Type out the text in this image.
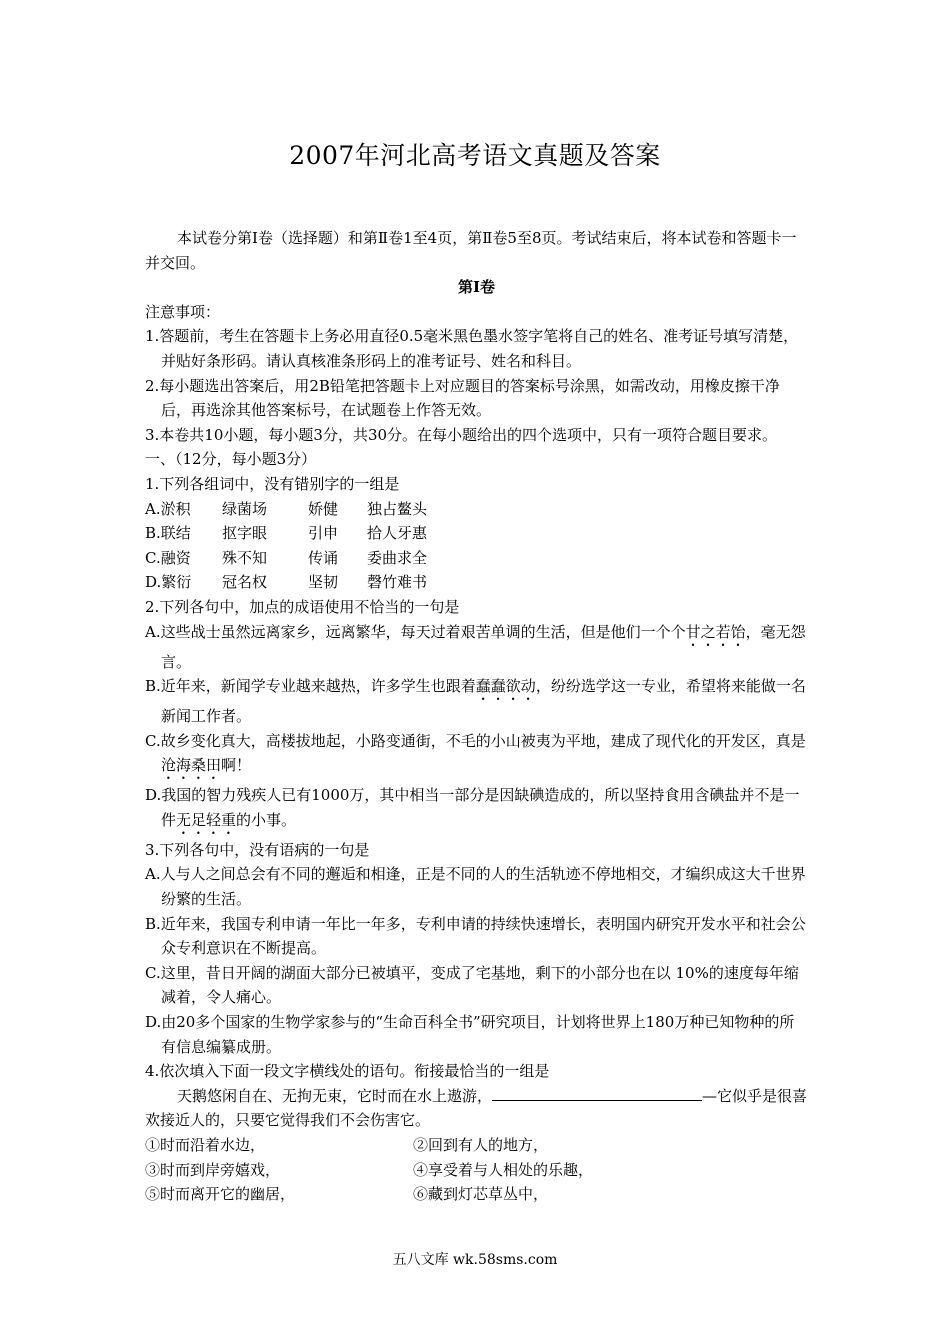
2007年河北高考语文真题及答案

本试卷分第Ⅰ卷（选择题）和第Ⅱ卷1至4页，第Ⅱ卷5至8页。考试结束后，将本试卷和答题卡一并交回。

第Ⅰ卷

注意事项：

1.答题前，考生在答题卡上务必用直径0.5毫米黑色墨水签字笔将自己的姓名、准考证号填写清楚，并贴好条形码。请认真核准条形码上的准考证号、姓名和科目。

2.每小题选出答案后，用2B铅笔把答题卡上对应题目的答案标号涂黑，如需改动，用橡皮擦干净后，再选涂其他答案标号，在试题卷上作答无效。

3.本卷共10小题，每小题3分，共30分。在每小题给出的四个选项中，只有一项符合题目要求。

一、（12分，每小题3分）

1.下列各组词中，没有错别字的一组是

A.淤积 绿菌场	娇健 独占鳌头

B.联结 抠字眼	引申 拾人牙惠

C.融资 殊不知	传诵 委曲求全

D.繁衍 冠名权	坚韧 磬竹难书

2.下列各句中，加点的成语使用不恰当的一句是

A.这些战士虽然远离家乡，远离繁华，每天过着艰苦单调的生活，但是他们一个个甘之若饴，毫无怨言。

B.近年来，新闻学专业越来越热，许多学生也跟着蠢蠢欲动，纷纷选学这一专业，希望将来能做一名新闻工作者。

C.故乡变化真大，高楼拔地起，小路变通街，不毛的小山被夷为平地，建成了现代化的开发区，真是沧海桑田啊！

D.我国的智力残疾人已有1000万，其中相当一部分是因缺碘造成的，所以坚持食用含碘盐并不是一件无足轻重的小事。

3.下列各句中，没有语病的一句是

A.人与人之间总会有不同的邂逅和相逢，正是不同的人的生活轨迹不停地相交，才编织成这大千世界纷繁的生活。

B.近年来，我国专利申请一年比一年多，专利申请的持续快速增长，表明国内研究开发水平和社会公众专利意识在不断提高。

C.这里，昔日开阔的湖面大部分已被填平，变成了宅基地，剩下的小部分也在以 10%的速度每年缩减着，令人痛心。

D.由20多个国家的生物学家参与的“生命百科全书”研究项目，计划将世界上180万种已知物种的所有信息编纂成册。

4.依次填入下面一段文字横线处的语句。衔接最恰当的一组是

天鹅悠闲自在、无拘无束，它时而在水上遨游，	—它似乎是很喜欢接近人的，只要它觉得我们不会伤害它。

①时而沿着水边，	②回到有人的地方，

③时而到岸旁嬉戏，	④享受着与人相处的乐趣，

⑤时而离开它的幽居，	⑥藏到灯芯草丛中，

五八文库 wk.58sms.com
